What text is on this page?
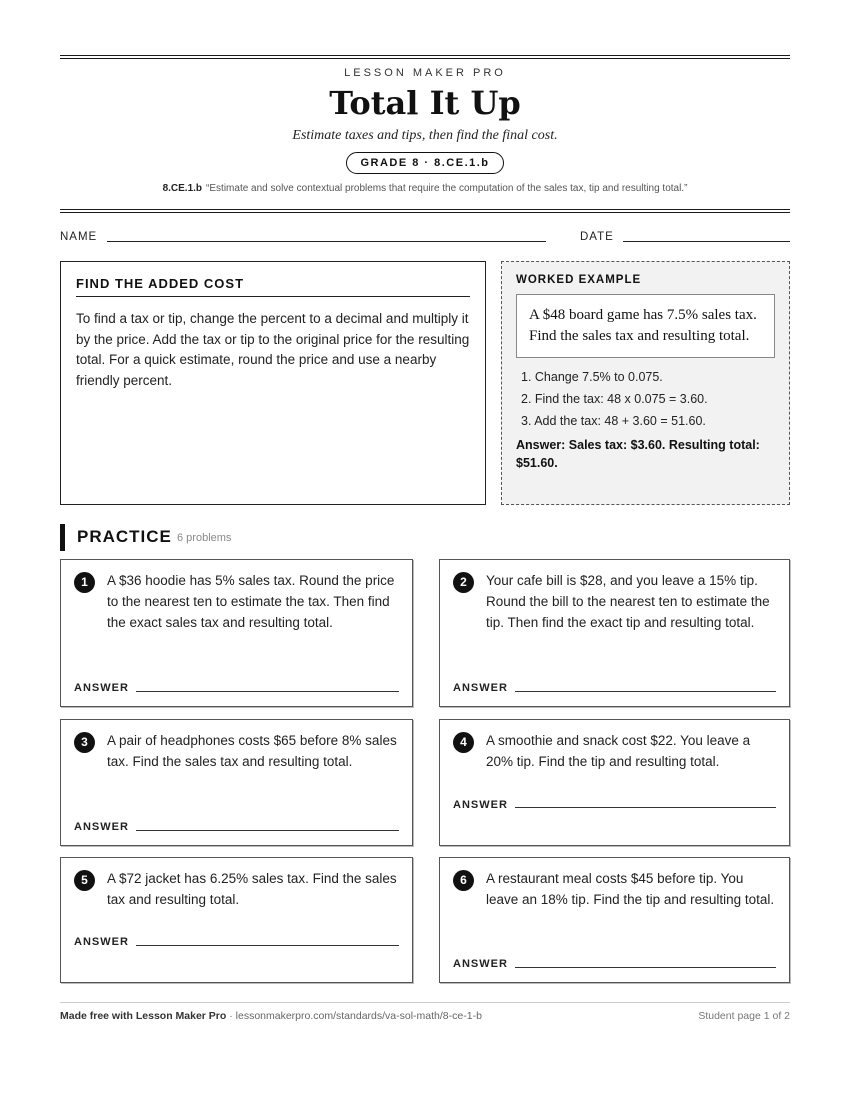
LESSON MAKER PRO
Total It Up
Estimate taxes and tips, then find the final cost.
GRADE 8 · 8.CE.1.b
8.CE.1.b “Estimate and solve contextual problems that require the computation of the sales tax, tip and resulting total.”
NAME	DATE
FIND THE ADDED COST

To find a tax or tip, change the percent to a decimal and multiply it by the price. Add the tax or tip to the original price for the resulting total. For a quick estimate, round the price and use a nearby friendly percent.

WORKED EXAMPLE
A $48 board game has 7.5% sales tax. Find the sales tax and resulting total.
1. Change 7.5% to 0.075.
2. Find the tax: 48 x 0.075 = 3.60.
3. Add the tax: 48 + 3.60 = 51.60.
Answer: Sales tax: $3.60. Resulting total: $51.60.
PRACTICE 6 problems
1	A $36 hoodie has 5% sales tax. Round the price to the nearest ten to estimate the tax. Then find the exact sales tax and resulting total.
ANSWER
2	Your cafe bill is $28, and you leave a 15% tip. Round the bill to the nearest ten to estimate the tip. Then find the exact tip and resulting total.
ANSWER
3	A pair of headphones costs $65 before 8% sales tax. Find the sales tax and resulting total.
ANSWER
4	A smoothie and snack cost $22. You leave a 20% tip. Find the tip and resulting total.
ANSWER
5	A $72 jacket has 6.25% sales tax. Find the sales tax and resulting total.
ANSWER
6	A restaurant meal costs $45 before tip. You leave an 18% tip. Find the tip and resulting total.
ANSWER
Made free with Lesson Maker Pro · lessonmakerpro.com/standards/va-sol-math/8-ce-1-b	Student page 1 of 2
